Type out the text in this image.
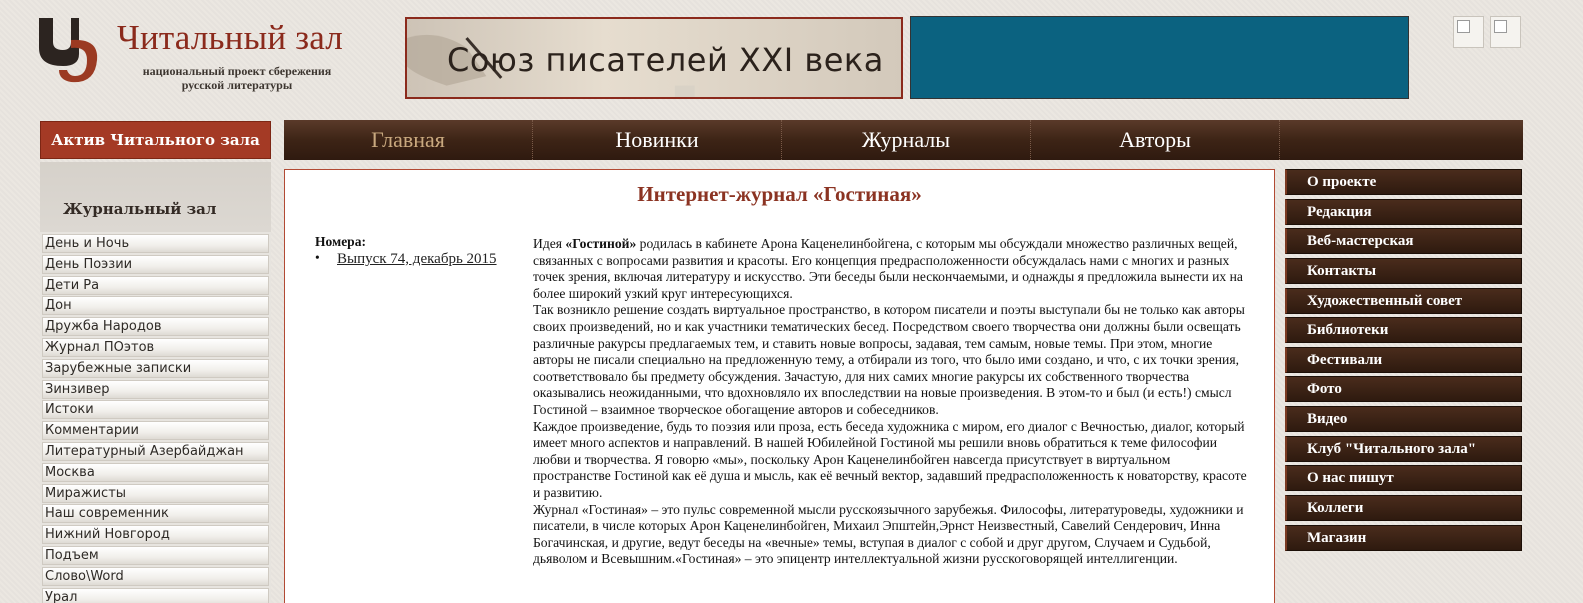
Читальный зал
национальный проект сбережения русской литературы
Союз писателей XXI века
Актив Читального зала
Журнальный зал
День и Ночь
День Поэзии
Дети Ра
Дон
Дружба Народов
Журнал ПОэтов
Зарубежные записки
Зинзивер
Истоки
Комментарии
Литературный Азербайджан
Москва
Миражисты
Наш современник
Нижний Новгород
Подъем
Слово\Word
Урал
Главная	Новинки	Журналы	Авторы
Интернет-журнал «Гостиная»
Номера:
•	Выпуск 74, декабрь 2015
Идея «Гостиной» родилась в кабинете Арона Каценелинбойгена, с которым мы обсуждали множество различных вещей, связанных с вопросами развития и красоты. Его концепция предрасположенности обсуждалась нами с многих и разных точек зрения, включая литературу и искусство. Эти беседы были нескончаемыми, и однажды я предложила вынести их на более широкий узкий круг интересующихся.
Так возникло решение создать виртуальное пространство, в котором писатели и поэты выступали бы не только как авторы своих произведений, но и как участники тематических бесед. Посредством своего творчества они должны были освещать различные ракурсы предлагаемых тем, и ставить новые вопросы, задавая, тем самым, новые темы. При этом, многие авторы не писали специально на предложенную тему, а отбирали из того, что было ими создано, и что, с их точки зрения, соответствовало бы предмету обсуждения. Зачастую, для них самих многие ракурсы их собственного творчества оказывались неожиданными, что вдохновляло их впоследствии на новые произведения. В этом-то и был (и есть!) смысл Гостиной – взаимное творческое обогащение авторов и собеседников.
Каждое произведение, будь то поэзия или проза, есть беседа художника с миром, его диалог с Вечностью, диалог, который имеет много аспектов и направлений. В нашей Юбилейной Гостиной мы решили вновь обратиться к теме философии любви и творчества. Я говорю «мы», поскольку Арон Каценелинбойген навсегда присутствует в виртуальном пространстве Гостиной как её душа и мысль, как её вечный вектор, задавший предрасположенность к новаторству, красоте и развитию.
Журнал «Гостиная» – это пульс современной мысли русскоязычного зарубежья. Философы, литературоведы, художники и писатели, в числе которых Арон Каценелинбойген, Михаил Эпштейн,Эрнст Неизвестный, Савелий Сендерович, Инна Богачинская, и другие, ведут беседы на «вечные» темы, вступая в диалог с собой и друг другом, Случаем и Судьбой, дьяволом и Всевышним.«Гостиная» – это эпицентр интеллектуальной жизни русскоговорящей интеллигенции.
О проекте
Редакция
Веб-мастерская
Контакты
Художественный совет
Библиотеки
Фестивали
Фото
Видео
Клуб "Читального зала"
О нас пишут
Коллеги
Магазин
